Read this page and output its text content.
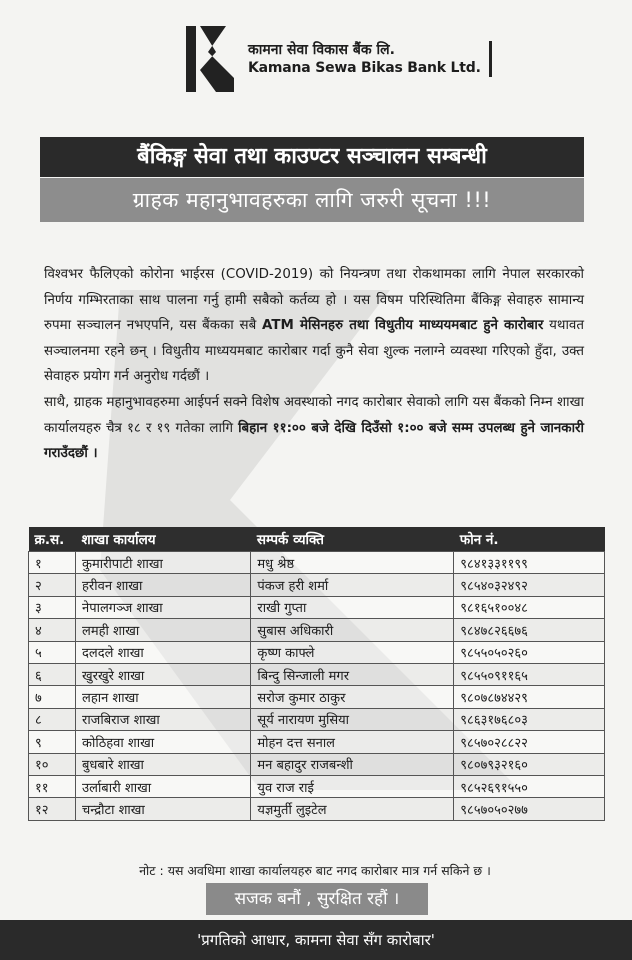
कामना सेवा विकास बैंक लि.
Kamana Sewa Bikas Bank Ltd.
बैंकिङ्ग सेवा तथा काउण्टर सञ्चालन सम्बन्धी
ग्राहक महानुभावहरुका लागि जरुरी सूचना !!!
विश्वभर फैलिएको कोरोना भाईरस (COVID-2019) को नियन्त्रण तथा रोकथामका लागि नेपाल सरकारको निर्णय गम्भिरताका साथ पालना गर्नु हामी सबैको कर्तव्य हो । यस विषम परिस्थितिमा बैंकिङ्ग सेवाहरु सामान्य रुपमा सञ्चालन नभएपनि, यस बैंकका सबै ATM मेसिनहरु तथा विधुतीय माध्ययमबाट हुने कारोबार यथावत सञ्चालनमा रहने छन् । विधुतीय माध्ययमबाट कारोबार गर्दा कुनै सेवा शुल्क नलाग्ने व्यवस्था गरिएको हुँदा, उक्त सेवाहरु प्रयोग गर्न अनुरोध गर्दछौं ।
साथै, ग्राहक महानुभावहरुमा आईपर्न सक्ने विशेष अवस्थाको नगद कारोबार सेवाको लागि यस बैंकको निम्न शाखा कार्यालयहरु चैत्र १८ र १९ गतेका लागि बिहान ११:०० बजे देखि दिउँसो १:०० बजे सम्म उपलब्ध हुने जानकारी गराउँदछौं ।
क्र.स.	शाखा कार्यालय	सम्पर्क व्यक्ति	फोन नं.
१	कुमारीपाटी शाखा	मधु श्रेष्ठ	९८४१३३११९९
२	हरीवन शाखा	पंकज हरी शर्मा	९८५४०३२४९२
३	नेपालगञ्ज शाखा	राखी गुप्ता	९८१६५१००४८
४	लमही शाखा	सुबास अधिकारी	९८४७८२६६७६
५	दलदले शाखा	कृष्ण काफ्ले	९८५५०५०२६०
६	खुरखुरे शाखा	बिन्दु सिन्जाली मगर	९८५५०९११६५
७	लहान शाखा	सरोज कुमार ठाकुर	९८०७८७४४२९
८	राजबिराज शाखा	सूर्य नारायण मुसिया	९८६३१७६८०३
९	कोठिहवा शाखा	मोहन दत्त सनाल	९८५७०२८८२२
१०	बुधबारे शाखा	मन बहादुर राजबन्शी	९८०७९३२१६०
११	उर्लाबारी शाखा	युव राज राई	९८५२६९१५५०
१२	चन्द्रौटा शाखा	यज्ञमुर्ती लुइटेल	९८५७०५०२७७
नोट : यस अवधिमा शाखा कार्यालयहरु बाट नगद कारोबार मात्र गर्न सकिने छ ।
सजक बनौं , सुरक्षित रहौं ।
'प्रगतिको आधार, कामना सेवा सँग कारोबार'
